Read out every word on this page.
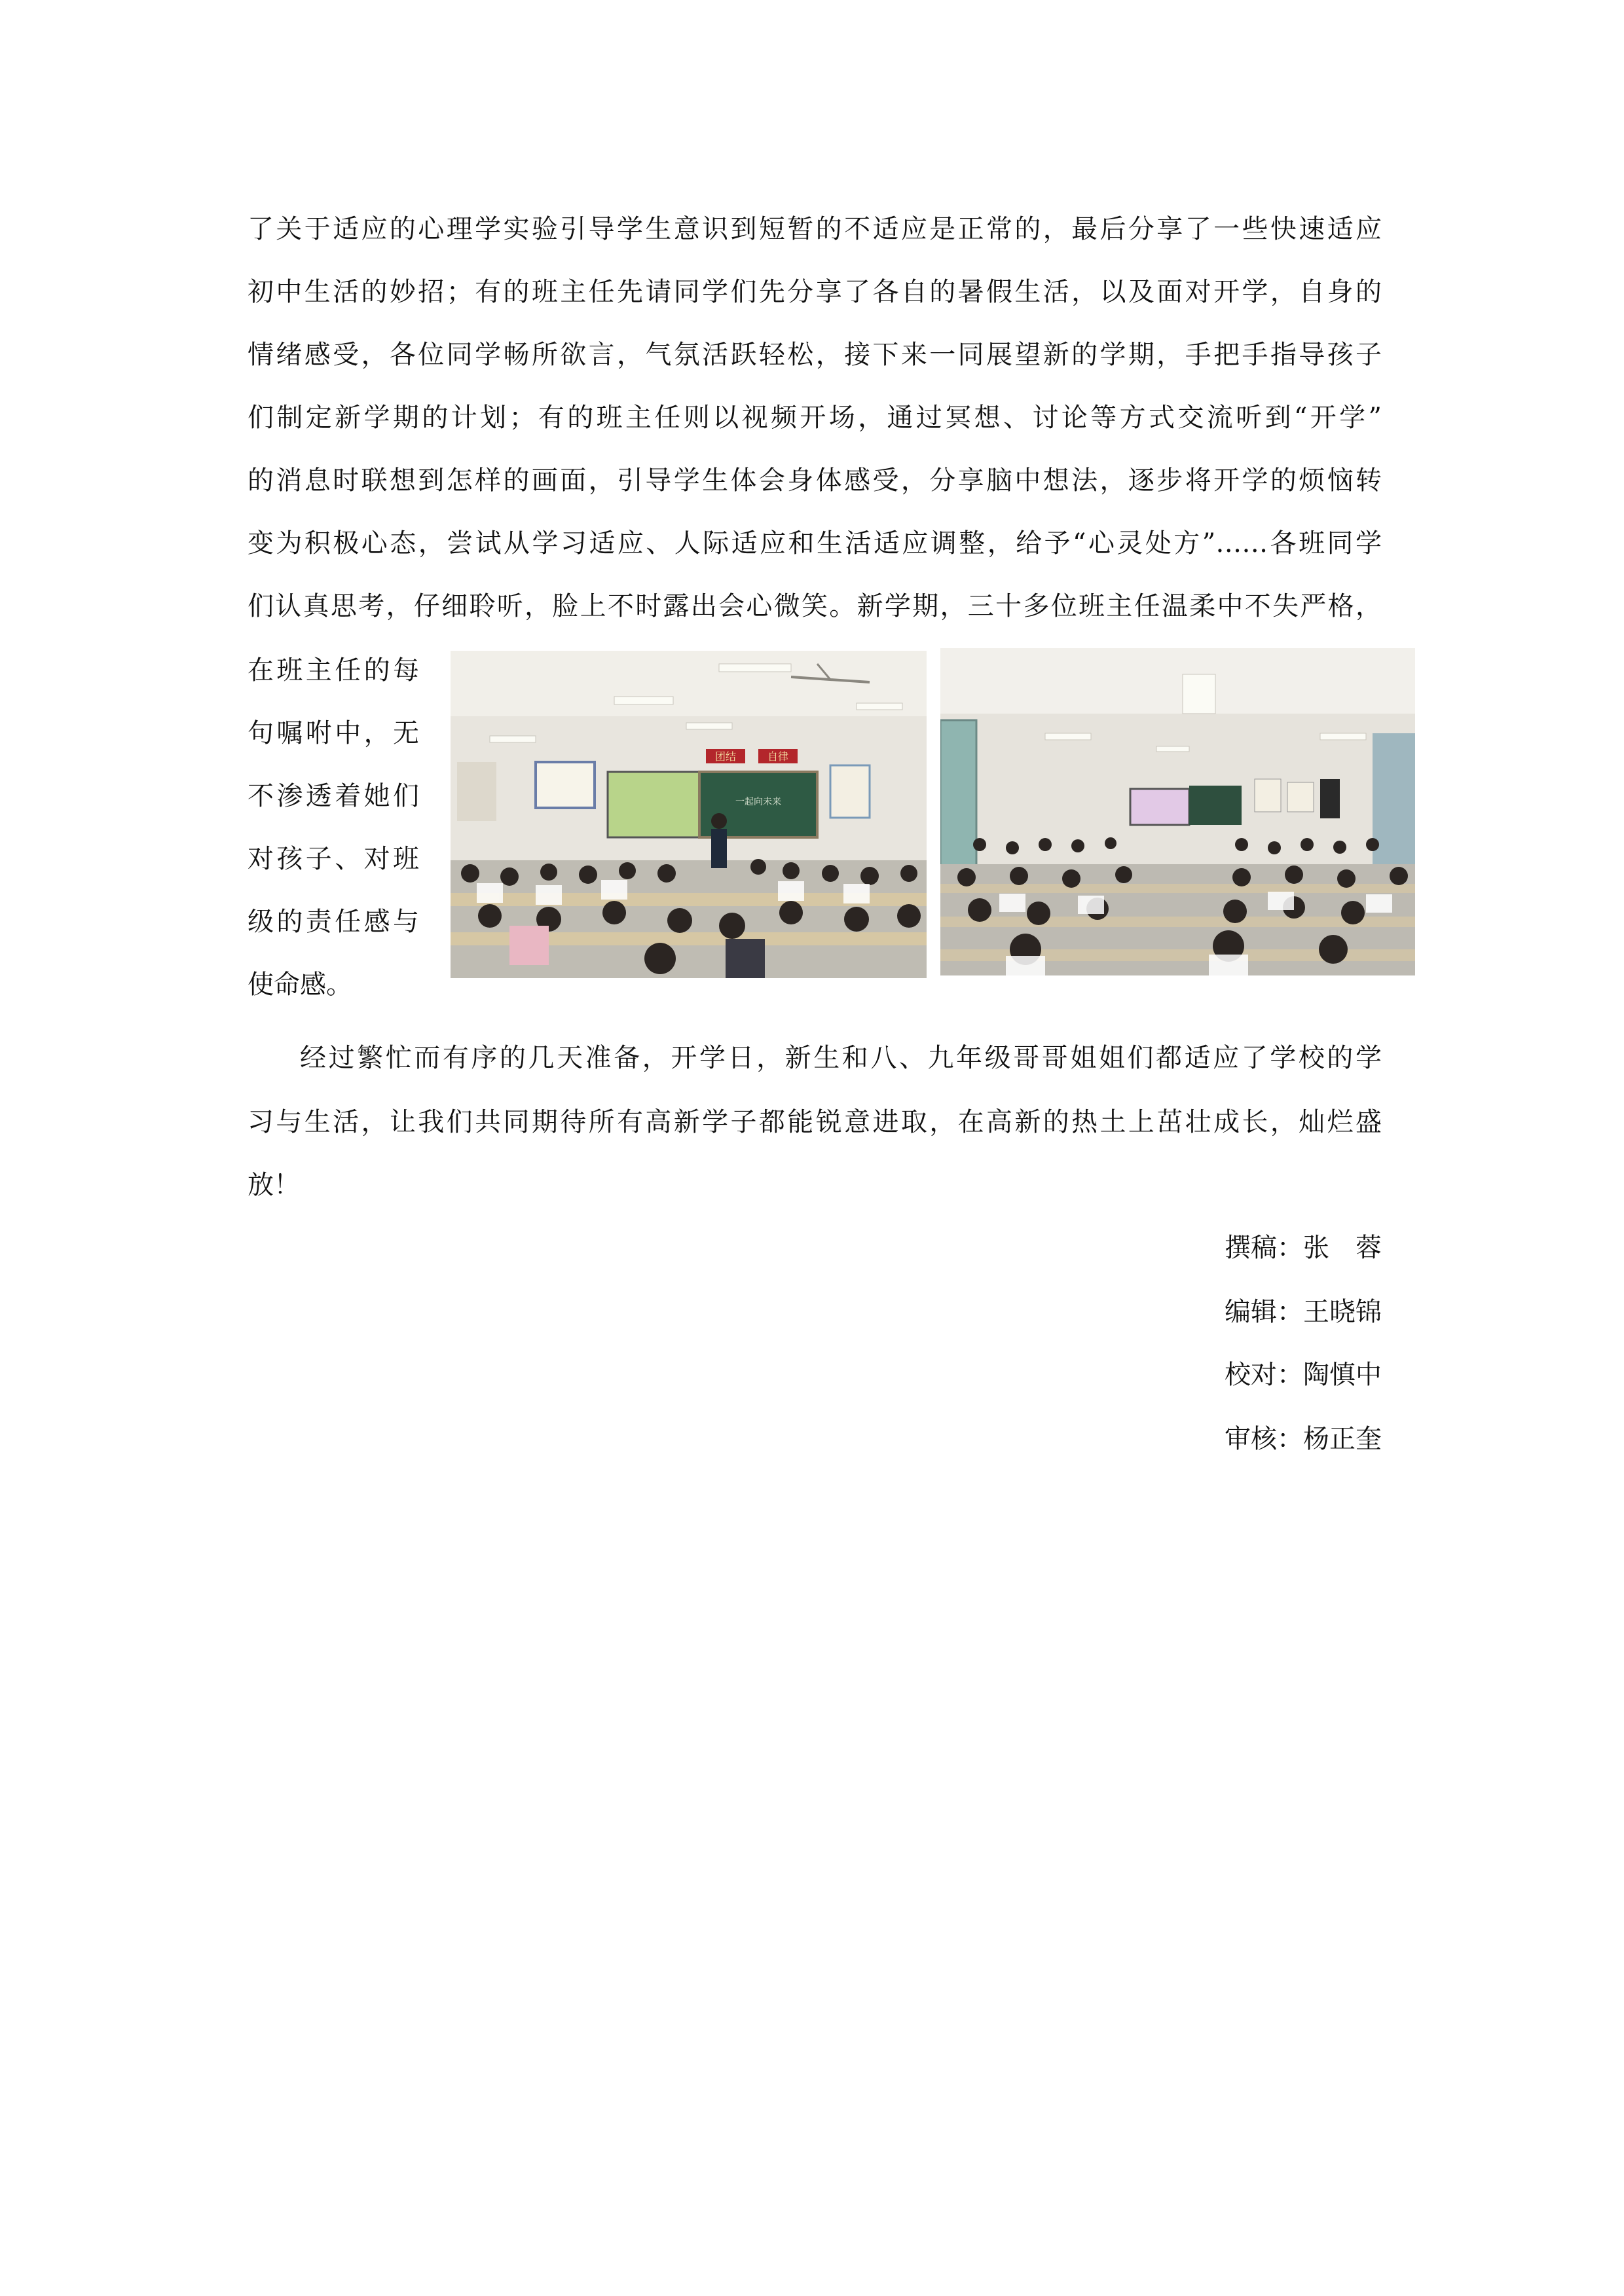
了关于适应的心理学实验引导学生意识到短暂的不适应是正常的，最后分享了一些快速适应
初中生活的妙招；有的班主任先请同学们先分享了各自的暑假生活，以及面对开学，自身的
情绪感受，各位同学畅所欲言，气氛活跃轻松，接下来一同展望新的学期，手把手指导孩子
们制定新学期的计划；有的班主任则以视频开场，通过冥想、讨论等方式交流听到“开学”
的消息时联想到怎样的画面，引导学生体会身体感受，分享脑中想法，逐步将开学的烦恼转
变为积极心态，尝试从学习适应、人际适应和生活适应调整，给予“心灵处方”……各班同学
们认真思考，仔细聆听，脸上不时露出会心微笑。新学期，三十多位班主任温柔中不失严格，
在班主任的每
句嘱咐中，无
不渗透着她们
对孩子、对班
级的责任感与
使命感。
团结	自律
一起向未来
经过繁忙而有序的几天准备，开学日，新生和八、九年级哥哥姐姐们都适应了学校的学
习与生活，让我们共同期待所有高新学子都能锐意进取，在高新的热土上茁壮成长，灿烂盛
放！
撰稿：张　蓉
编辑：王晓锦
校对：陶慎中
审核：杨正奎
